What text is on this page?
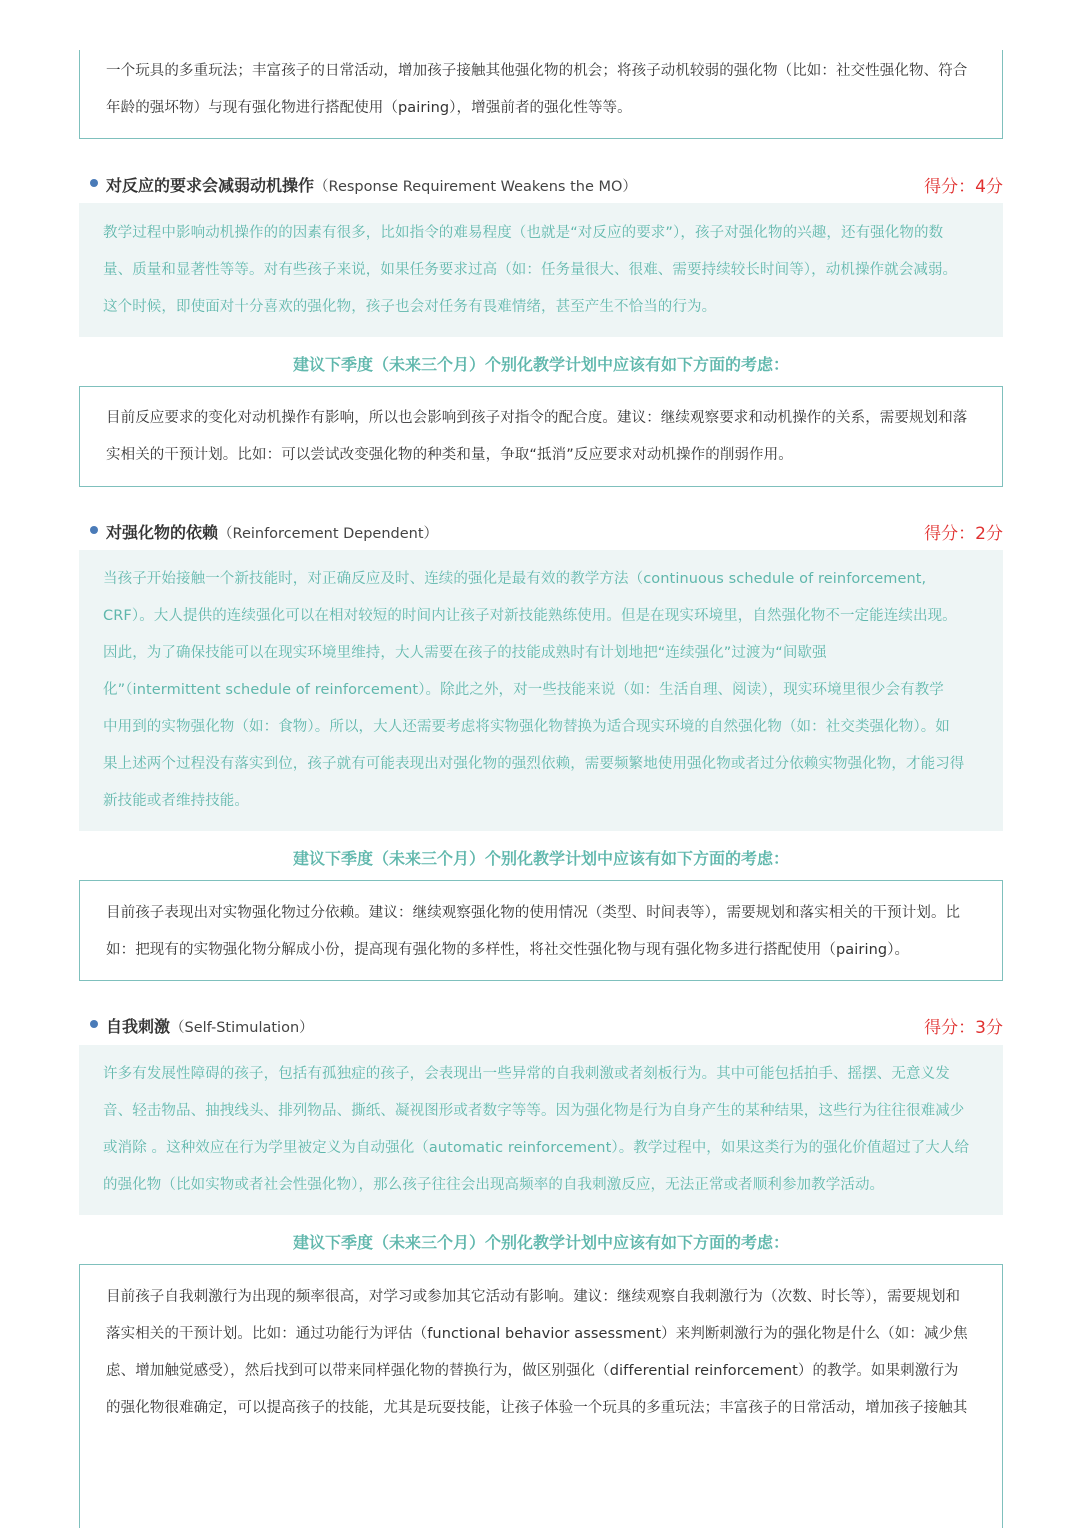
一个玩具的多重玩法；丰富孩子的日常活动，增加孩子接触其他强化物的机会；将孩子动机较弱的强化物（比如：社交性强化物、符合

年龄的强坏物）与现有强化物进行搭配使用（pairing），增强前者的强化性等等。

对反应的要求会减弱动机操作（Response Requirement Weakens the MO）	得分：4分

教学过程中影响动机操作的的因素有很多，比如指令的难易程度（也就是“对反应的要求”），孩子对强化物的兴趣，还有强化物的数

量、质量和显著性等等。对有些孩子来说，如果任务要求过高（如：任务量很大、很难、需要持续较长时间等），动机操作就会减弱。

这个时候，即使面对十分喜欢的强化物，孩子也会对任务有畏难情绪，甚至产生不恰当的行为。

建议下季度（未来三个月）个别化教学计划中应该有如下方面的考虑：

目前反应要求的变化对动机操作有影响，所以也会影响到孩子对指令的配合度。建议：继续观察要求和动机操作的关系，需要规划和落

实相关的干预计划。比如：可以尝试改变强化物的种类和量，争取“抵消”反应要求对动机操作的削弱作用。

对强化物的依赖（Reinforcement Dependent）	得分：2分

当孩子开始接触一个新技能时，对正确反应及时、连续的强化是最有效的教学方法（continuous schedule of reinforcement,

CRF）。大人提供的连续强化可以在相对较短的时间内让孩子对新技能熟练使用。但是在现实环境里，自然强化物不一定能连续出现。

因此，为了确保技能可以在现实环境里维持，大人需要在孩子的技能成熟时有计划地把“连续强化”过渡为“间歇强

化”（intermittent schedule of reinforcement）。除此之外，对一些技能来说（如：生活自理、阅读），现实环境里很少会有教学

中用到的实物强化物（如：食物）。所以，大人还需要考虑将实物强化物替换为适合现实环境的自然强化物（如：社交类强化物）。如

果上述两个过程没有落实到位，孩子就有可能表现出对强化物的强烈依赖，需要频繁地使用强化物或者过分依赖实物强化物，才能习得

新技能或者维持技能。

建议下季度（未来三个月）个别化教学计划中应该有如下方面的考虑：

目前孩子表现出对实物强化物过分依赖。建议：继续观察强化物的使用情况（类型、时间表等），需要规划和落实相关的干预计划。比

如：把现有的实物强化物分解成小份，提高现有强化物的多样性，将社交性强化物与现有强化物多进行搭配使用（pairing）。

自我刺激（Self-Stimulation）	得分：3分

许多有发展性障碍的孩子，包括有孤独症的孩子，会表现出一些异常的自我刺激或者刻板行为。其中可能包括拍手、摇摆、无意义发

音、轻击物品、抽拽线头、排列物品、撕纸、凝视图形或者数字等等。因为强化物是行为自身产生的某种结果，这些行为往往很难减少

或消除 。这种效应在行为学里被定义为自动强化（automatic reinforcement）。教学过程中，如果这类行为的强化价值超过了大人给

的强化物（比如实物或者社会性强化物），那么孩子往往会出现高频率的自我刺激反应，无法正常或者顺利参加教学活动。

建议下季度（未来三个月）个别化教学计划中应该有如下方面的考虑：

目前孩子自我刺激行为出现的频率很高，对学习或参加其它活动有影响。建议：继续观察自我刺激行为（次数、时长等），需要规划和

落实相关的干预计划。比如：通过功能行为评估（functional behavior assessment）来判断刺激行为的强化物是什么（如：减少焦

虑、增加触觉感受），然后找到可以带来同样强化物的替换行为，做区别强化（differential reinforcement）的教学。如果刺激行为

的强化物很难确定，可以提高孩子的技能，尤其是玩耍技能，让孩子体验一个玩具的多重玩法；丰富孩子的日常活动，增加孩子接触其
